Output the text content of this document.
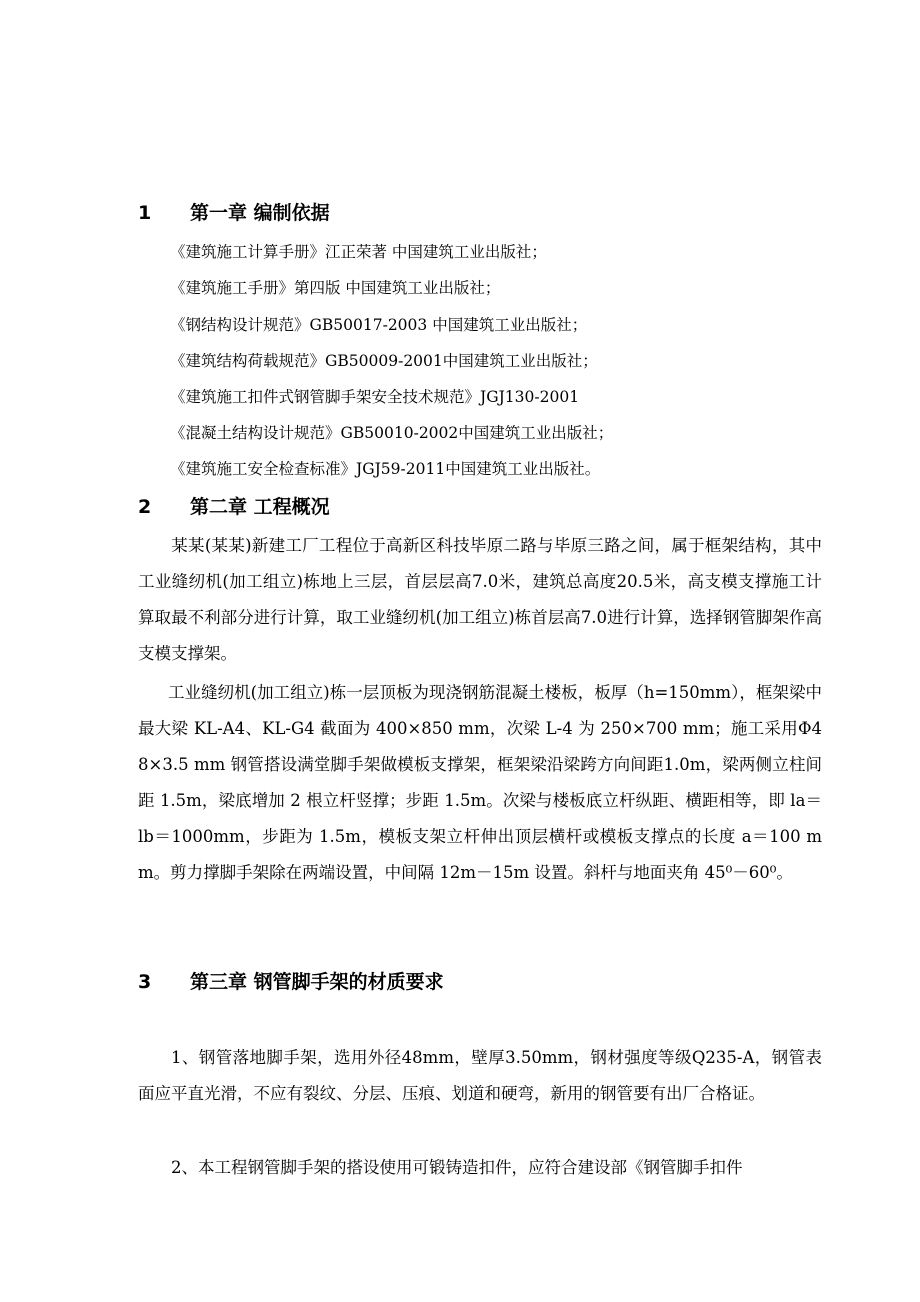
1 第一章 编制依据
《建筑施工计算手册》江正荣著 中国建筑工业出版社；
《建筑施工手册》第四版 中国建筑工业出版社；
《钢结构设计规范》GB50017-2003 中国建筑工业出版社；
《建筑结构荷载规范》GB50009-2001中国建筑工业出版社；
《建筑施工扣件式钢管脚手架安全技术规范》JGJ130-2001
《混凝土结构设计规范》GB50010-2002中国建筑工业出版社；
《建筑施工安全检查标准》JGJ59-2011中国建筑工业出版社。
2 第二章 工程概况
某某(某某)新建工厂工程位于高新区科技毕原二路与毕原三路之间，属于框架结构，其中工业缝纫机(加工组立)栋地上三层，首层层高7.0米，建筑总高度20.5米，高支模支撑施工计算取最不利部分进行计算，取工业缝纫机(加工组立)栋首层高7.0进行计算，选择钢管脚架作高支模支撑架。
工业缝纫机(加工组立)栋一层顶板为现浇钢筋混凝土楼板，板厚（h=150mm），框架梁中最大梁 KL-A4、KL-G4 截面为 400×850 mm，次梁 L-4 为 250×700 mm；施工采用Φ48×3.5 mm 钢管搭设满堂脚手架做模板支撑架，框架梁沿梁跨方向间距1.0m，梁两侧立柱间距 1.5m，梁底增加 2 根立杆竖撑；步距 1.5m。次梁与楼板底立杆纵距、横距相等，即 la＝lb＝1000mm，步距为 1.5m，模板支架立杆伸出顶层横杆或模板支撑点的长度 a＝100 mm。剪力撑脚手架除在两端设置，中间隔 12m－15m 设置。斜杆与地面夹角 45⁰－60⁰。
3 第三章 钢管脚手架的材质要求
1、钢管落地脚手架，选用外径48mm，壁厚3.50mm，钢材强度等级Q235-A，钢管表面应平直光滑，不应有裂纹、分层、压痕、划道和硬弯，新用的钢管要有出厂合格证。
2、本工程钢管脚手架的搭设使用可锻铸造扣件，应符合建设部《钢管脚手扣件
